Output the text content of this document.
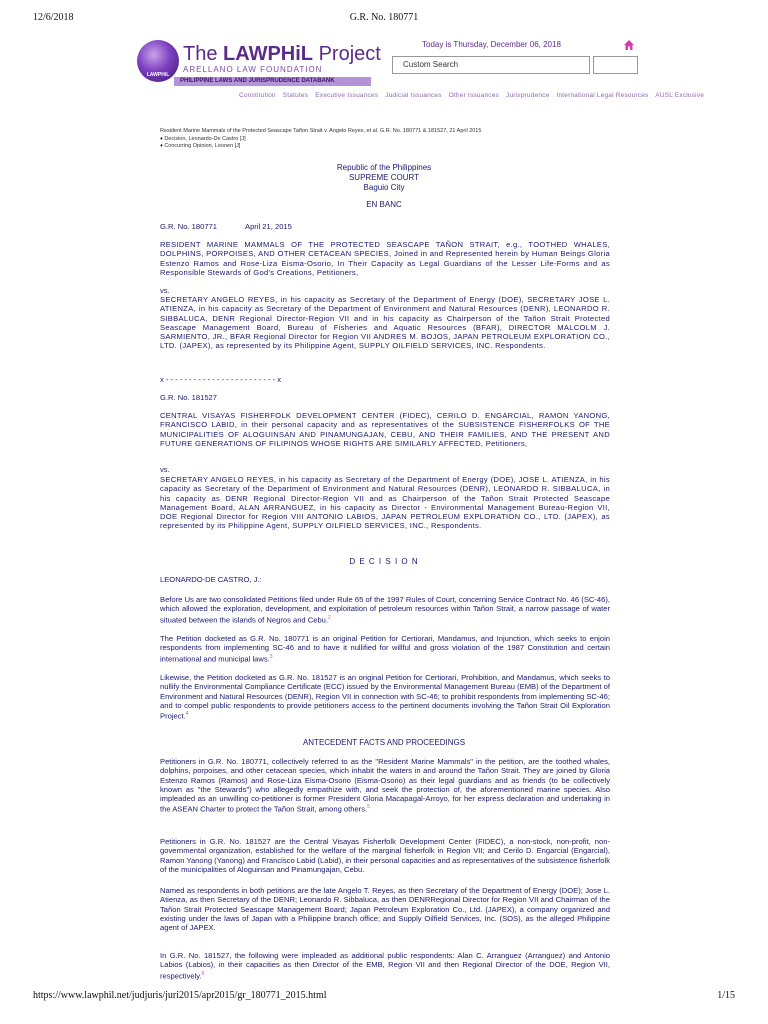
12/6/2018	G.R. No. 180771
https://www.lawphil.net/judjuris/juri2015/apr2015/gr_180771_2015.html	1/15
LAWPHiL
The LAWPHiL Project
ARELLANO LAW FOUNDATION
PHILIPPINE LAWS AND JURISPRUDENCE DATABANK
Today is Thursday, December 06, 2018
Custom Search
Constitution Statutes Executive Issuances Judicial Issuances Other Issuances Jurisprudence International Legal Resources AUSL Exclusive
Resident Marine Mammals of the Protected Seascape Tañon Strait v. Angelo Reyes, et al. G.R. No. 180771 & 181527, 21 April 2015
♦ Decision, Leonardo-De Castro [J]
♦ Concurring Opinion, Leonen [J]
Republic of the Philippines
SUPREME COURT
Baguio City
EN BANC
G.R. No. 180771	April 21, 2015
RESIDENT MARINE MAMMALS OF THE PROTECTED SEASCAPE TAÑON STRAIT, e.g., TOOTHED WHALES, DOLPHINS, PORPOISES, AND OTHER CETACEAN SPECIES, Joined in and Represented herein by Human Beings Gloria Estenzo Ramos and Rose-Liza Eisma-Osorio, In Their Capacity as Legal Guardians of the Lesser Life-Forms and as Responsible Stewards of God's Creations, Petitioners,
vs.
SECRETARY ANGELO REYES, in his capacity as Secretary of the Department of Energy (DOE), SECRETARY JOSE L. ATIENZA, in his capacity as Secretary of the Department of Environment and Natural Resources (DENR), LEONARDO R. SIBBALUCA, DENR Regional Director-Region VII and in his capacity as Chairperson of the Tañon Strait Protected Seascape Management Board, Bureau of Fisheries and Aquatic Resources (BFAR), DIRECTOR MALCOLM J. SARMIENTO, JR., BFAR Regional Director for Region VII ANDRES M. BOJOS, JAPAN PETROLEUM EXPLORATION CO., LTD. (JAPEX), as represented by its Philippine Agent, SUPPLY OILFIELD SERVICES, INC. Respondents.
x - - - - - - - - - - - - - - - - - - - - - - - - x
G.R. No. 181527
CENTRAL VISAYAS FISHERFOLK DEVELOPMENT CENTER (FIDEC), CERILO D. ENGARCIAL, RAMON YANONG, FRANCISCO LABID, in their personal capacity and as representatives of the SUBSISTENCE FISHERFOLKS OF THE MUNICIPALITIES OF ALOGUINSAN AND PINAMUNGAJAN, CEBU, AND THEIR FAMILIES, AND THE PRESENT AND FUTURE GENERATIONS OF FILIPINOS WHOSE RIGHTS ARE SIMILARLY AFFECTED, Petitioners,
vs.
SECRETARY ANGELO REYES, in his capacity as Secretary of the Department of Energy (DOE), JOSE L. ATIENZA, in his capacity as Secretary of the Department of Environment and Natural Resources (DENR), LEONARDO R. SIBBALUCA, in his capacity as DENR Regional Director-Region VII and as Chairperson of the Tañon Strait Protected Seascape Management Board, ALAN ARRANGUEZ, in his capacity as Director - Environmental Management Bureau-Region VII, DOE Regional Director for Region VIII ANTONIO LABIOS, JAPAN PETROLEUM EXPLORATION CO., LTD. (JAPEX), as represented by its Philippine Agent, SUPPLY OILFIELD SERVICES, INC., Respondents.
D E C I S I O N
LEONARDO-DE CASTRO, J.:
Before Us are two consolidated Petitions filed under Rule 65 of the 1997 Rules of Court, concerning Service Contract No. 46 (SC-46), which allowed the exploration, development, and exploitation of petroleum resources within Tañon Strait, a narrow passage of water situated between the islands of Negros and Cebu.$^2$
The Petition docketed as G.R. No. 180771 is an original Petition for Certiorari, Mandamus, and Injunction, which seeks to enjoin respondents from implementing SC-46 and to have it nullified for willful and gross violation of the 1987 Constitution and certain international and municipal laws.$^3$
Likewise, the Petition docketed as G.R. No. 181527 is an original Petition for Certiorari, Prohibition, and Mandamus, which seeks to nullify the Environmental Compliance Certificate (ECC) issued by the Environmental Management Bureau (EMB) of the Department of Environment and Natural Resources (DENR), Region VII in connection with SC-46; to prohibit respondents from implementing SC-46; and to compel public respondents to provide petitioners access to the pertinent documents involving the Tañon Strait Oil Exploration Project.$^4$
ANTECEDENT FACTS AND PROCEEDINGS
Petitioners in G.R. No. 180771, collectively referred to as the "Resident Marine Mammals" in the petition, are the toothed whales, dolphins, porpoises, and other cetacean species, which inhabit the waters in and around the Tañon Strait. They are joined by Gloria Estenzo Ramos (Ramos) and Rose-Liza Eisma-Osorio (Eisma-Osorio) as their legal guardians and as friends (to be collectively known as "the Stewards") who allegedly empathize with, and seek the protection of, the aforementioned marine species. Also impleaded as an unwilling co-petitioner is former President Gloria Macapagal-Arroyo, for her express declaration and undertaking in the ASEAN Charter to protect the Tañon Strait, among others.$^5$
Petitioners in G.R. No. 181527 are the Central Visayas Fisherfolk Development Center (FIDEC), a non-stock, non-profit, non-governmental organization, established for the welfare of the marginal fisherfolk in Region VII; and Cerilo D. Engarcial (Engarcial), Ramon Yanong (Yanong) and Francisco Labid (Labid), in their personal capacities and as representatives of the subsistence fisherfolk of the municipalities of Aloguinsan and Pinamungajan, Cebu.
Named as respondents in both petitions are the late Angelo T. Reyes, as then Secretary of the Department of Energy (DOE); Jose L. Atienza, as then Secretary of the DENR; Leonardo R. Sibbaluca, as then DENRRegional Director for Region VII and Chairman of the Tañon Strait Protected Seascape Management Board; Japan Petroleum Exploration Co., Ltd. (JAPEX), a company organized and existing under the laws of Japan with a Philippine branch office; and Supply Oilfield Services, Inc. (SOS), as the alleged Philippine agent of JAPEX.
In G.R. No. 181527, the following were impleaded as additional public respondents: Alan C. Arranguez (Arranguez) and Antonio Labios (Labios), in their capacities as then Director of the EMB, Region VII and then Regional Director of the DOE, Region VII, respectively.$^6$
